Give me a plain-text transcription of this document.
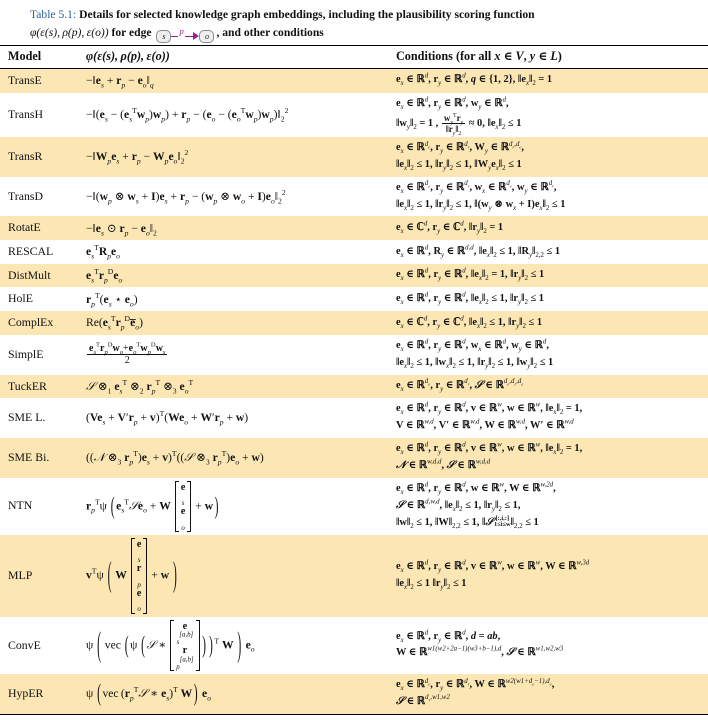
Table 5.1: Details for selected knowledge graph embeddings, including the plausibility scoring function
φ(ε(s), ρ(p), ε(o)) for edge	s
p
o , and other conditions
Model	φ(ε(s), ρ(p), ε(o))	Conditions (for all x ∈ V, y ∈ L)
TransE	$-‖e_s + r_p$ − $e_o‖_q$	$e_x$ ∈ ℝ$^d$, $r_y$ ∈ ℝ$^d$, q ∈ {1, 2}, $‖e_x‖_2 = 1$
TransH	$-‖(e_s - (e_s^Tw_p)w_p) + r_p - (e_o$ − $(e_o^Tw_p)w_p)‖_2^2$	$e_x$ ∈ ℝ$^d$, $r_y$ ∈ ℝ$^d$, $w_y$ ∈ ℝ$^d$,
$‖w_y‖_2 = 1$ , $\frac{w_y^Tr_y}{‖r_y‖_2} \approx 0$, $‖e_x‖_2 \le 1$
TransR	$-‖W_pe_s + r_p$ − $W_pe_o‖_2^2$	$e_x$ ∈ ℝ$^{d_e}$, $r_y$ ∈ ℝ$^{d_r}$, $W_y$ ∈ ℝ$^{d_r,d_e}$,
$‖e_x‖_2 \le 1$, $‖r_y‖_2 \le 1$, $‖W_ye_x‖_2 \le 1$
TransD	$-‖(w_p$ ⊗ $w_s + I)e_s + r_p - (w_p$ ⊗ $w_o$ + $I)e_o‖_2^2$	$e_x$ ∈ ℝ$^{d_e}$, $r_y$ ∈ ℝ$^{d_r}$, $w_x$ ∈ ℝ$^{d_e}$, $w_y$ ∈ ℝ$^{d_r}$,
$‖e_x‖_2 \le 1$, $‖r_y‖_2 \le 1$, $‖(w_y$ ⊗ $w_x$ + $I)e_x‖_2 \le 1$
RotatE	$-‖e_s$ ⊙ $r_p$ − $e_o‖_2$	$e_x$ ∈ ℂ$^d$, $r_y$ ∈ ℂ$^d$, $‖r_y‖_2 = 1$
RESCAL	$e_s^TR_pe_o$	$e_x$ ∈ ℝ$^d$, $R_y$ ∈ ℝ$^{d,d}$, $‖e_x‖_2 \le 1$, $‖R_y‖_{2,2} \le 1$
DistMult	$e_s^Tr_p^De_o$	$e_x$ ∈ ℝ$^d$, $r_y$ ∈ ℝ$^d$, $‖e_x‖_2 = 1$, $‖r_y‖_2 \le 1$
HolE	$r_p^T(e_s$ ⋆ $e_o$)	$e_x$ ∈ ℝ$^d$, $r_y$ ∈ ℝ$^d$, $‖e_x‖_2 \le 1$, $‖r_y‖_2 \le 1$
ComplEx	$Re(e_s^Tr_p^De̅_o)$	$e_x$ ∈ ℂ$^d$, $r_y$ ∈ ℂ$^d$, $‖e_x‖_2 \le 1$, $‖r_y‖_2 \le 1$
SimplE	$\frac{e_s^Tr_p^Dw_o+e_o^Tw_p^Dw_s}{2}$	$e_x$ ∈ ℝ$^d$, $r_y$ ∈ ℝ$^d$, $w_x$ ∈ ℝ$^d$, $w_y$ ∈ ℝ$^d$,
$‖e_x‖_2 \le 1$, $‖w_x‖_2 \le 1$, $‖r_y‖_2 \le 1$, $‖w_y‖_2 \le 1$
TuckER	𝒮 $\otimes_1$ $e_s^T$ $\otimes_2$ $r_p^T$ $\otimes_3$ $e_o^T$	$e_x$ ∈ ℝ$^{d_e}$, $r_y$ ∈ ℝ$^{d_r}$, 𝒮 ∈ ℝ$^{d_e,d_r,d_e}$
SME L.	$(Ve_s + V'r_p + v)^T(We_o + W'r_p + w)$	$e_x$ ∈ ℝ$^d$, $r_y$ ∈ ℝ$^d$, v ∈ ℝ$^w$, w ∈ ℝ$^w$, $‖e_x‖_2 = 1$,
V ∈ ℝ$^{w,d}$, V′ ∈ ℝ$^{w,d}$, W ∈ ℝ$^{w,d}$, W′ ∈ ℝ$^{w,d}$
SME Bi.	((𝒩 $\otimes_3$ $r_p^T)e_s$ + v)$^T$((𝒮 $\otimes_3$ $r_p^T)e_o + w$)	$e_x$ ∈ ℝ$^d$, $r_y$ ∈ ℝ$^d$, v ∈ ℝ$^w$, w ∈ ℝ$^w$, $‖e_x‖_2 = 1$,
𝒩 ∈ ℝ$^{w,d,d}$, 𝒮 ∈ ℝ$^{w,d,d}$
NTN	$r_p^T\psi$ ( $e_s^T𝒮e_o + W$
e
$_s$
e
$_o$
+ w )	$e_x$ ∈ ℝ$^d$, $r_y$ ∈ ℝ$^d$, w ∈ ℝ$^w$, W ∈ ℝ$^{w,2d}$,
𝒮 ∈ ℝ$^{d,w,d}$, $‖e_x‖_2 \le 1$, $‖r_y‖_2 \le 1$,
$‖w‖_2 \le 1$, $‖W‖_{2,2} \le 1$, ‖𝒮 [:,i,:]
1≤i≤w $‖_{2,2} \le 1$
MLP	$v^T\psi$ (  W
e
$_s$
r
$_p$
e
$_o$
+ w  )	$e_x$ ∈ ℝ$^d$, $r_y$ ∈ ℝ$^d$, v ∈ ℝ$^w$, w ∈ ℝ$^w$, W ∈ ℝ$^{w,3d}$
$‖e_x‖_2 \le 1$ $‖r_y‖_2 \le 1$
ConvE	ψ ( vec ( ψ ( 𝒮 ∗
e
$_s$[a,b]
r
$_p$[a,b]
) ) $^T$ W  ) $e_o$	$e_x$ ∈ ℝ$^d$, $r_y$ ∈ ℝ$^d$, d = ab,
W ∈ ℝ$^{w1(w2+2a-1)(w3+b-1),d}$, 𝒮 ∈ ℝ$^{w1,w2,w3}$
HypER	ψ ( vec ($r_p^T𝒮$ ∗ $e_s)^T$ W ) $e_o$	$e_x$ ∈ ℝ$^{d_e}$, $r_y$ ∈ ℝ$^{d_r}$, W ∈ ℝ$^{w2(w1+d_e-1),d_e}$,
𝒮 ∈ ℝ$^{d_r,w1,w2}$
